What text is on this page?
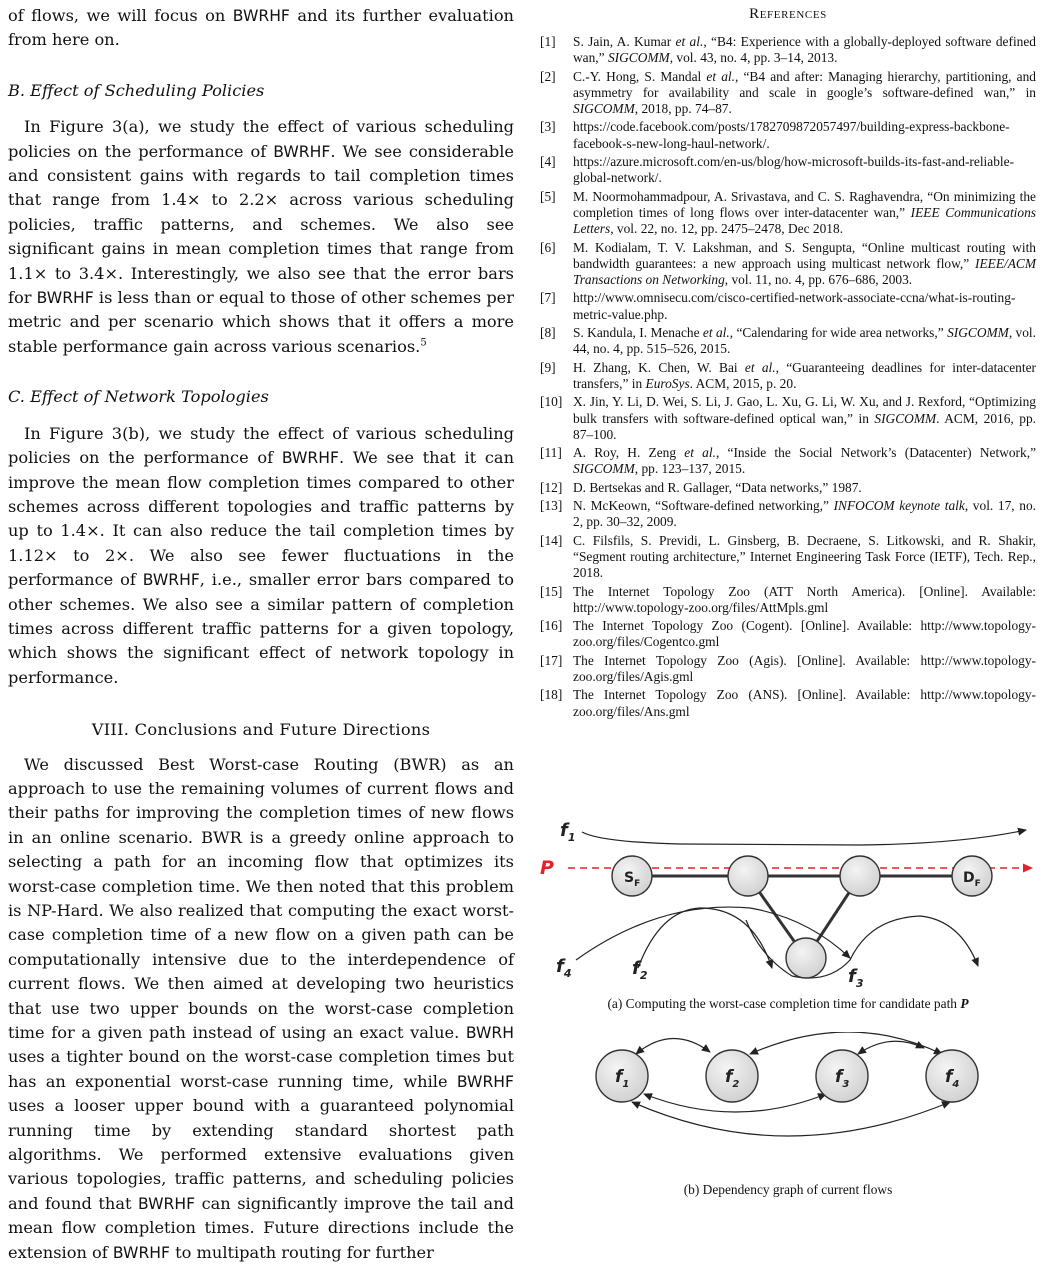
of flows, we will focus on BWRHF and its further evaluation from here on.

B. Effect of Scheduling Policies

In Figure 3(a), we study the effect of various scheduling policies on the performance of BWRHF. We see considerable and consistent gains with regards to tail completion times that range from 1.4× to 2.2× across various scheduling policies, traffic patterns, and schemes. We also see significant gains in mean completion times that range from 1.1× to 3.4×. Interestingly, we also see that the error bars for BWRHF is less than or equal to those of other schemes per metric and per scenario which shows that it offers a more stable performance gain across various scenarios.$^5$

C. Effect of Network Topologies

In Figure 3(b), we study the effect of various scheduling policies on the performance of BWRHF. We see that it can improve the mean flow completion times compared to other schemes across different topologies and traffic patterns by up to 1.4×. It can also reduce the tail completion times by 1.12× to 2×. We also see fewer fluctuations in the performance of BWRHF, i.e., smaller error bars compared to other schemes. We also see a similar pattern of completion times across different traffic patterns for a given topology, which shows the significant effect of network topology in performance.

VIII. Conclusions and Future Directions

We discussed Best Worst-case Routing (BWR) as an approach to use the remaining volumes of current flows and their paths for improving the completion times of new flows in an online scenario. BWR is a greedy online approach to selecting a path for an incoming flow that optimizes its worst-case completion time. We then noted that this problem is NP-Hard. We also realized that computing the exact worst-case completion time of a new flow on a given path can be computationally intensive due to the interdependence of current flows. We then aimed at developing two heuristics that use two upper bounds on the worst-case completion time for a given path instead of using an exact value. BWRH uses a tighter bound on the worst-case completion times but has an exponential worst-case running time, while BWRHF uses a looser upper bound with a guaranteed polynomial running time by extending standard shortest path algorithms. We performed extensive evaluations given various topologies, traffic patterns, and scheduling policies and found that BWRHF can significantly improve the tail and mean flow completion times. Future directions include the extension of BWRHF to multipath routing for further

References
[1] S. Jain, A. Kumar et al., “B4: Experience with a globally-deployed software defined wan,” SIGCOMM, vol. 43, no. 4, pp. 3–14, 2013.
[2] C.-Y. Hong, S. Mandal et al., “B4 and after: Managing hierarchy, partitioning, and asymmetry for availability and scale in google’s software-defined wan,” in SIGCOMM, 2018, pp. 74–87.
[3] https://code.facebook.com/posts/1782709872057497/building-express-backbone-facebook-s-new-long-haul-network/.
[4] https://azure.microsoft.com/en-us/blog/how-microsoft-builds-its-fast-and-reliable-global-network/.
[5] M. Noormohammadpour, A. Srivastava, and C. S. Raghavendra, “On minimizing the completion times of long flows over inter-datacenter wan,” IEEE Communications Letters, vol. 22, no. 12, pp. 2475–2478, Dec 2018.
[6] M. Kodialam, T. V. Lakshman, and S. Sengupta, “Online multicast routing with bandwidth guarantees: a new approach using multicast network flow,” IEEE/ACM Transactions on Networking, vol. 11, no. 4, pp. 676–686, 2003.
[7] http://www.omnisecu.com/cisco-certified-network-associate-ccna/what-is-routing-metric-value.php.
[8] S. Kandula, I. Menache et al., “Calendaring for wide area networks,” SIGCOMM, vol. 44, no. 4, pp. 515–526, 2015.
[9] H. Zhang, K. Chen, W. Bai et al., “Guaranteeing deadlines for inter-datacenter transfers,” in EuroSys. ACM, 2015, p. 20.
[10] X. Jin, Y. Li, D. Wei, S. Li, J. Gao, L. Xu, G. Li, W. Xu, and J. Rexford, “Optimizing bulk transfers with software-defined optical wan,” in SIGCOMM. ACM, 2016, pp. 87–100.
[11] A. Roy, H. Zeng et al., “Inside the Social Network’s (Datacenter) Network,” SIGCOMM, pp. 123–137, 2015.
[12] D. Bertsekas and R. Gallager, “Data networks,” 1987.
[13] N. McKeown, “Software-defined networking,” INFOCOM keynote talk, vol. 17, no. 2, pp. 30–32, 2009.
[14] C. Filsfils, S. Previdi, L. Ginsberg, B. Decraene, S. Litkowski, and R. Shakir, “Segment routing architecture,” Internet Engineering Task Force (IETF), Tech. Rep., 2018.
[15] The Internet Topology Zoo (ATT North America). [Online]. Available: http://www.topology-zoo.org/files/AttMpls.gml
[16] The Internet Topology Zoo (Cogent). [Online]. Available: http://www.topology-zoo.org/files/Cogentco.gml
[17] The Internet Topology Zoo (Agis). [Online]. Available: http://www.topology-zoo.org/files/Agis.gml
[18] The Internet Topology Zoo (ANS). [Online]. Available: http://www.topology-zoo.org/files/Ans.gml
$S_F$	$D_F$
P
$f_1$
$f_4$	$f_2$	$f_3$
(a) Computing the worst-case completion time for candidate path P
$f_1$	$f_2$	$f_3$	$f_4$
(b) Dependency graph of current flows
